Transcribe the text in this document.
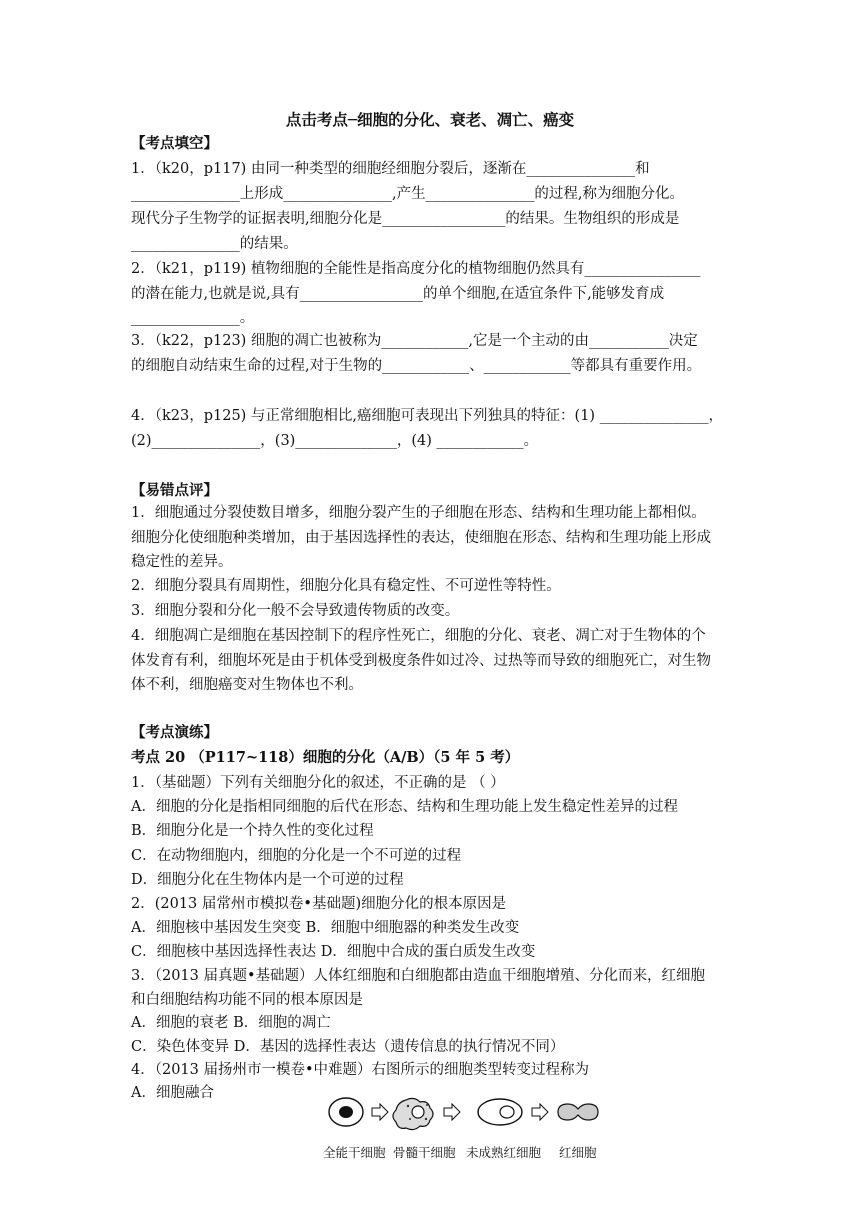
点击考点─细胞的分化、衰老、凋亡、癌变
【考点填空】
1．（k20，p117) 由同一种类型的细胞经细胞分裂后，逐渐在_______________和
_______________上形成_______________,产生_______________的过程,称为细胞分化。
现代分子生物学的证据表明,细胞分化是_________________的结果。生物组织的形成是
_______________的结果。
2．（k21，p119) 植物细胞的全能性是指高度分化的植物细胞仍然具有________________
的潜在能力,也就是说,具有_________________的单个细胞,在适宜条件下,能够发育成
_______________。
3．（k22，p123) 细胞的凋亡也被称为____________,它是一个主动的由___________决定
的细胞自动结束生命的过程,对于生物的____________、____________等都具有重要作用。
4．（k23，p125) 与正常细胞相比,癌细胞可表现出下列独具的特征：(1) _______________，
(2)_______________，(3)______________，(4) ____________。
【易错点评】
1．细胞通过分裂使数目增多，细胞分裂产生的子细胞在形态、结构和生理功能上都相似。
细胞分化使细胞种类增加，由于基因选择性的表达，使细胞在形态、结构和生理功能上形成
稳定性的差异。
2．细胞分裂具有周期性，细胞分化具有稳定性、不可逆性等特性。
3．细胞分裂和分化一般不会导致遗传物质的改变。
4．细胞凋亡是细胞在基因控制下的程序性死亡，细胞的分化、衰老、凋亡对于生物体的个
体发育有利，细胞坏死是由于机体受到极度条件如过冷、过热等而导致的细胞死亡，对生物
体不利，细胞癌变对生物体也不利。
【考点演练】
考点 20 （P117~118）细胞的分化（A/B）（5 年 5 考）
1．（基础题）下列有关细胞分化的叙述，不正确的是 （ ）
A．细胞的分化是指相同细胞的后代在形态、结构和生理功能上发生稳定性差异的过程
B．细胞分化是一个持久性的变化过程
C．在动物细胞内，细胞的分化是一个不可逆的过程
D．细胞分化在生物体内是一个可逆的过程
2．(2013 届常州市模拟卷•基础题)细胞分化的根本原因是
A．细胞核中基因发生突变 B．细胞中细胞器的种类发生改变
C．细胞核中基因选择性表达 D．细胞中合成的蛋白质发生改变
3．（2013 届真题•基础题）人体红细胞和白细胞都由造血干细胞增殖、分化而来，红细胞
和白细胞结构功能不同的根本原因是
A．细胞的衰老 B．细胞的凋亡
C．染色体变异 D．基因的选择性表达（遗传信息的执行情况不同）
4．（2013 届扬州市一模卷•中难题）右图所示的细胞类型转变过程称为
A．细胞融合
全能干细胞 骨髓干细胞 未成熟红细胞 红细胞
